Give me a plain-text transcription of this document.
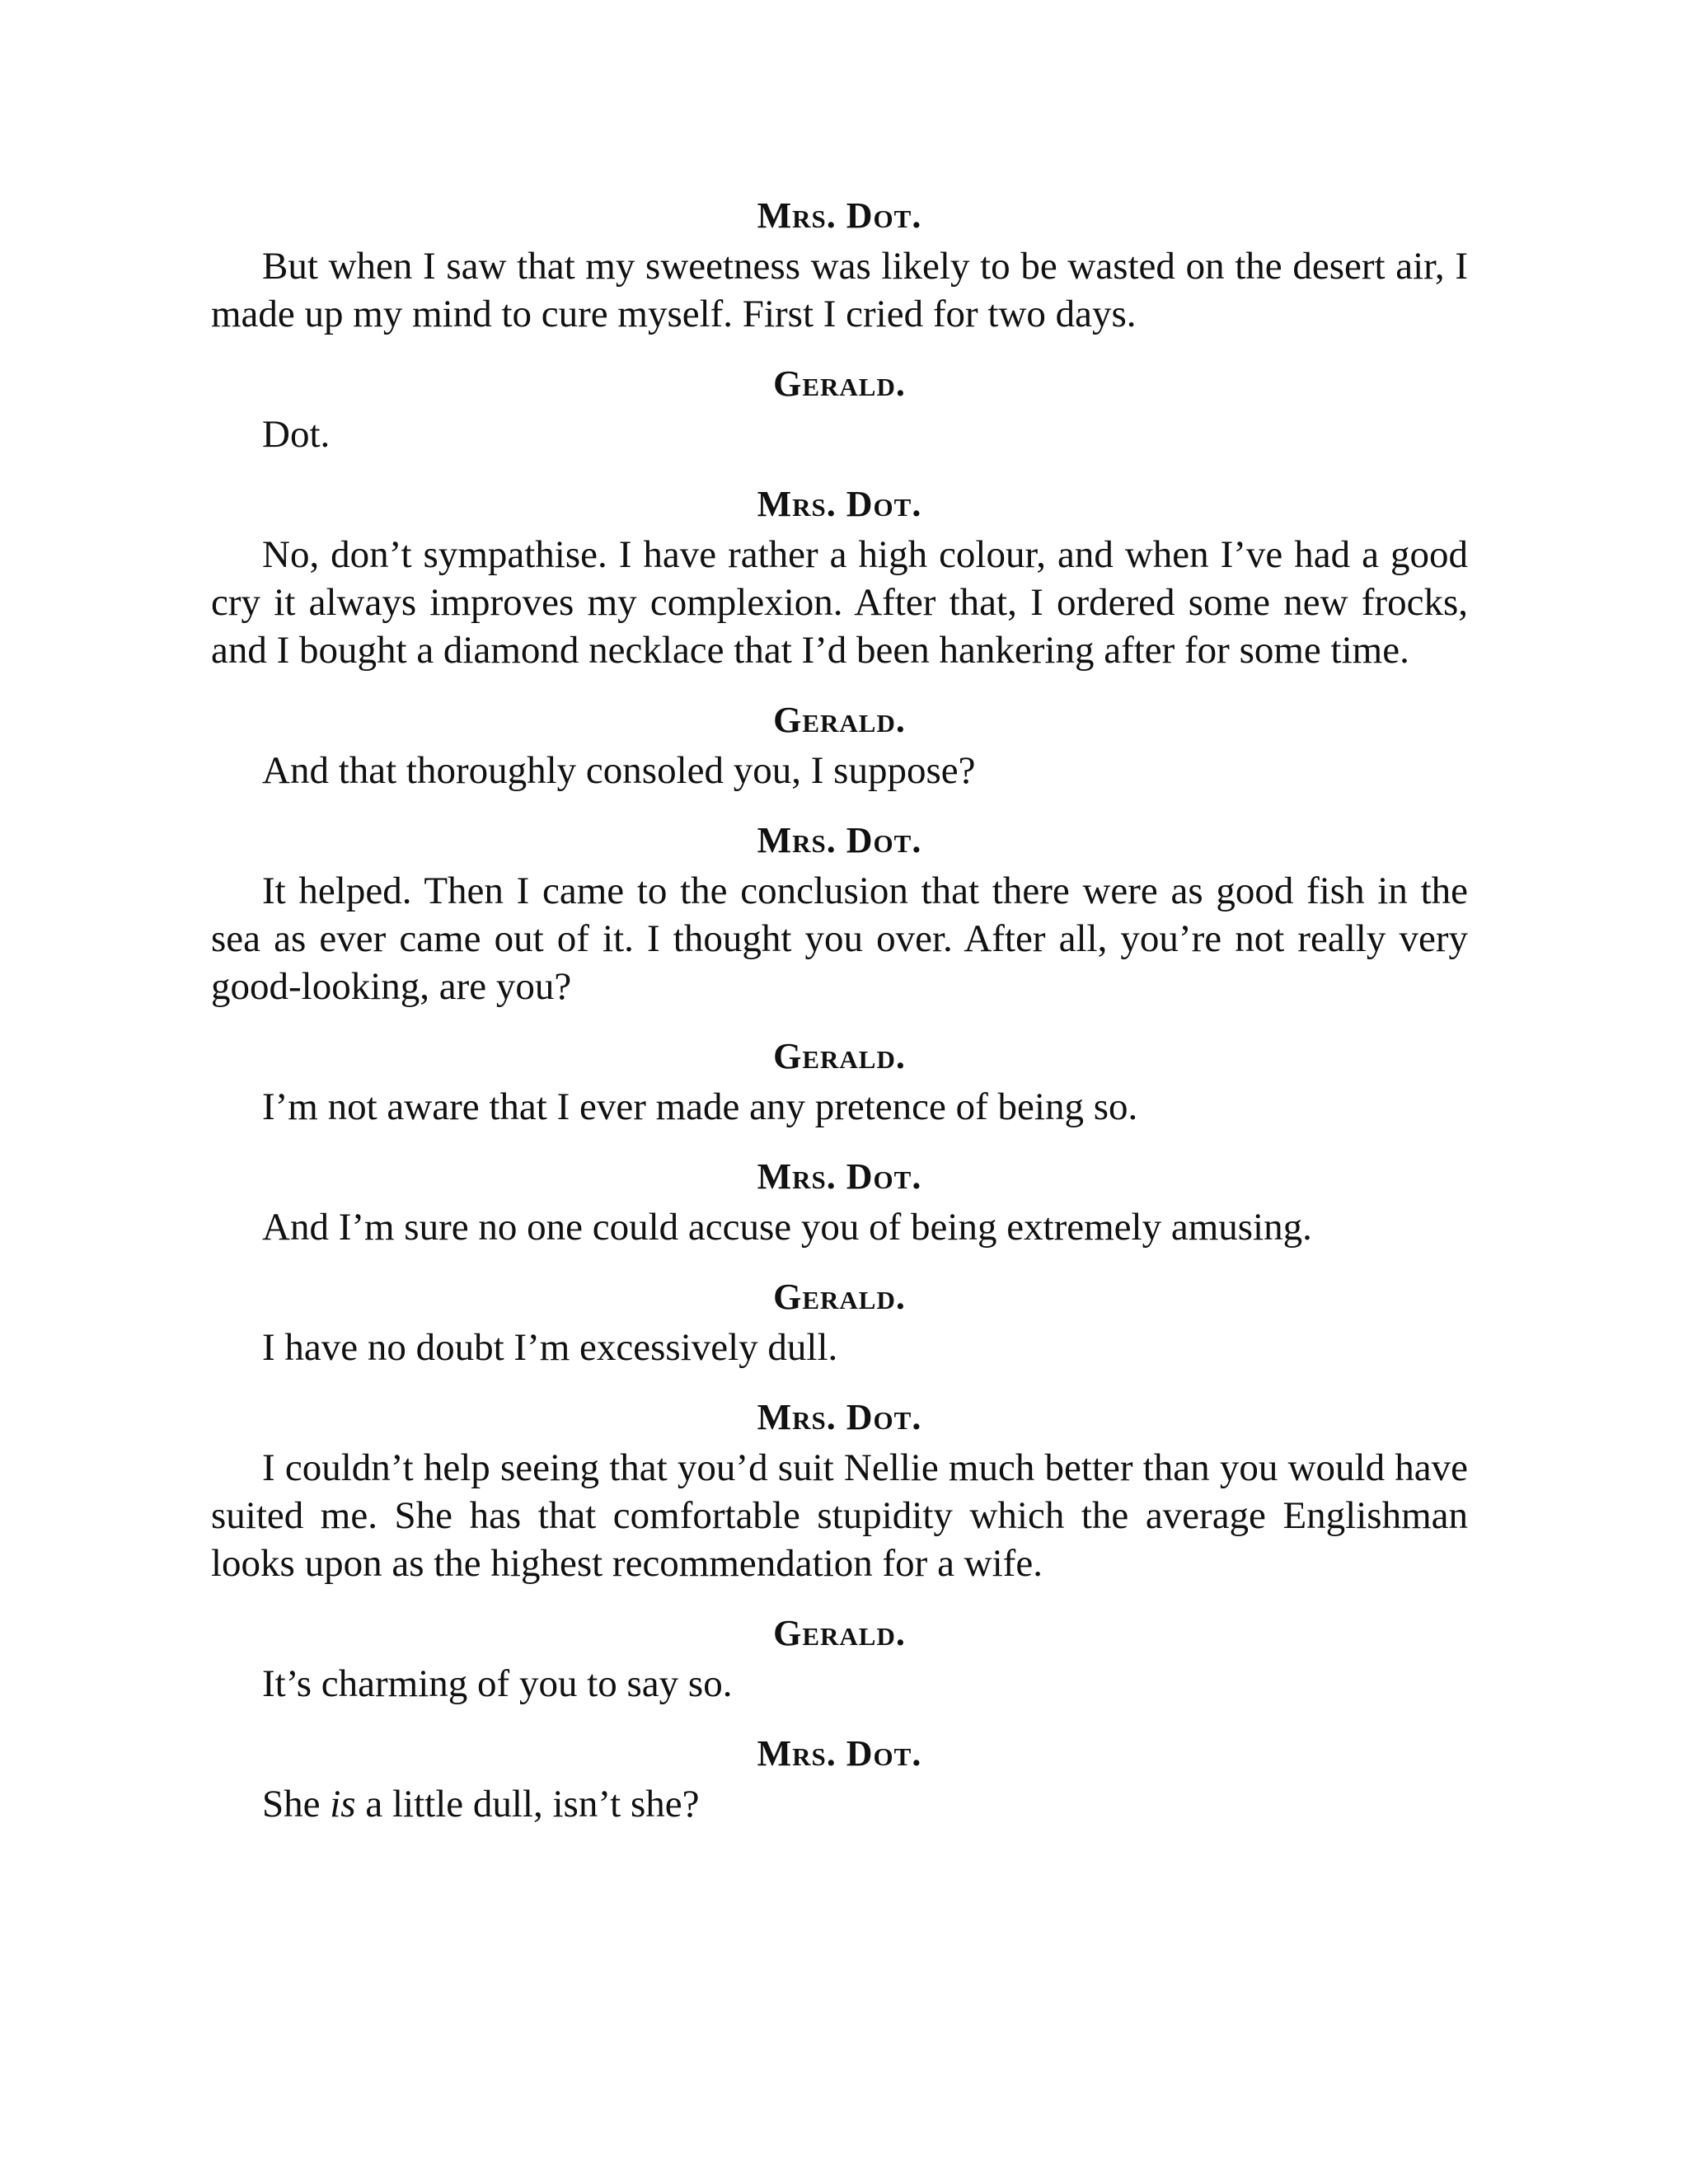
Mrs. Dot.

But when I saw that my sweetness was likely to be wasted on the desert air, I made up my mind to cure myself. First I cried for two days.

Gerald.

Dot.

Mrs. Dot.

No, don’t sympathise. I have rather a high colour, and when I’ve had a good cry it always improves my complexion. After that, I ordered some new frocks, and I bought a diamond necklace that I’d been hankering after for some time.

Gerald.

And that thoroughly consoled you, I suppose?

Mrs. Dot.

It helped. Then I came to the conclusion that there were as good fish in the sea as ever came out of it. I thought you over. After all, you’re not really very good-looking, are you?

Gerald.

I’m not aware that I ever made any pretence of being so.

Mrs. Dot.

And I’m sure no one could accuse you of being extremely amusing.

Gerald.

I have no doubt I’m excessively dull.

Mrs. Dot.

I couldn’t help seeing that you’d suit Nellie much better than you would have suited me. She has that comfortable stupidity which the average Englishman looks upon as the highest recommendation for a wife.

Gerald.

It’s charming of you to say so.

Mrs. Dot.

She is a little dull, isn’t she?
